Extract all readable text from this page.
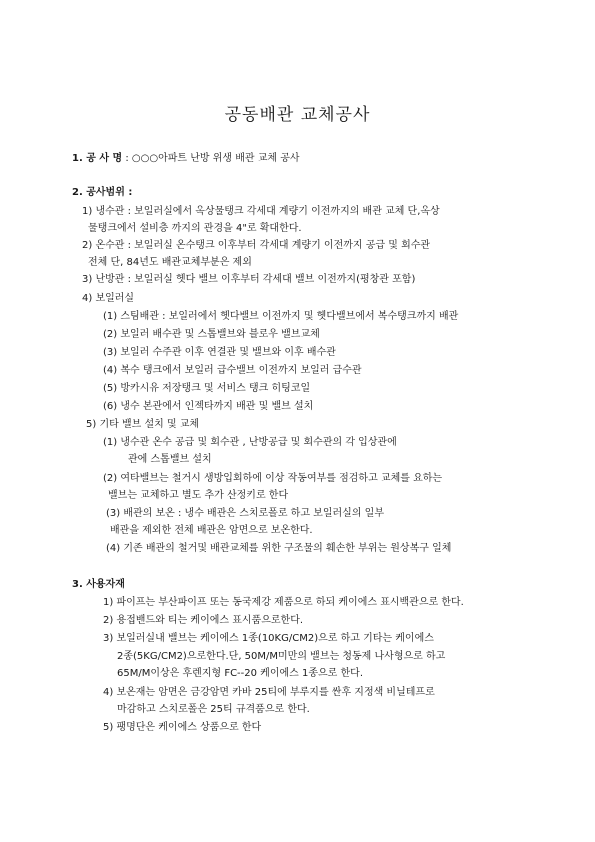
공동배관 교체공사
1. 공 사 명 : ○○○아파트 난방 위생 배관 교체 공사
2. 공사범위 :
1) 냉수관 : 보일러실에서 옥상물탱크 각세대 계량기 이전까지의 배관 교체 단,옥상
물탱크에서 설비층 까지의 관경을 4"로 확대한다.
2) 온수관 : 보일러실 온수탱크 이후부터 각세대 계량기 이전까지 공급 및 회수관
전체 단, 84년도 배관교체부분은 제외
3) 난방관 : 보일러실 헷다 밸브 이후부터 각세대 밸브 이전까지(평창관 포함)
4) 보일러실
(1) 스팀배관 : 보일러에서 헷다밸브 이전까지 및 헷다밸브에서 복수탱크까지 배관
(2) 보일러 배수관 및 스톱밸브와 블로우 밸브교체
(3) 보일러 수주관 이후 연결관 및 밸브와 이후 배수관
(4) 복수 탱크에서 보일러 급수밸브 이전까지 보일러 급수관
(5) 방카시유 저장탱크 및 서비스 탱크 히팅코일
(6) 냉수 본관에서 인젝타까지 배관 및 밸브 설치
5) 기타 밸브 설치 및 교체
(1) 냉수관 온수 공급 및 회수관 , 난방공급 및 회수관의 각 입상관에
관에 스톱밸브 설치
(2) 여타밸브는 철거시 생방입회하에 이상 작동여부를 점검하고 교체를 요하는
밸브는 교체하고 별도 추가 산정키로 한다
(3) 배관의 보온 : 냉수 배관은 스치로폴로 하고 보일러실의 일부
배관을 제외한 전체 배관은 암면으로 보온한다.
(4) 기존 배관의 철거및 배관교체를 위한 구조물의 훼손한 부위는 원상복구 일체
3. 사용자재
1) 파이프는 부산파이프 또는 동국제강 제품으로 하되 케이에스 표시백관으로 한다.
2) 용접밴드와 티는 케이에스 표시품으로한다.
3) 보일러실내 밸브는 케이에스 1종(10KG/CM2)으로 하고 기타는 케이에스
2종(5KG/CM2)으로한다.단, 50M/M미만의 밸브는 청동제 나사형으로 하고
65M/M이상은 후렌지형 FC--20 케이에스 1종으로 한다.
4) 보온재는 암면은 금강암면 카바 25티에 부루지를 싼후 지정색 비닐테프로
마감하고 스치로폴은 25티 규격품으로 한다.
5) 팽명단은 케이에스 상품으로 한다
